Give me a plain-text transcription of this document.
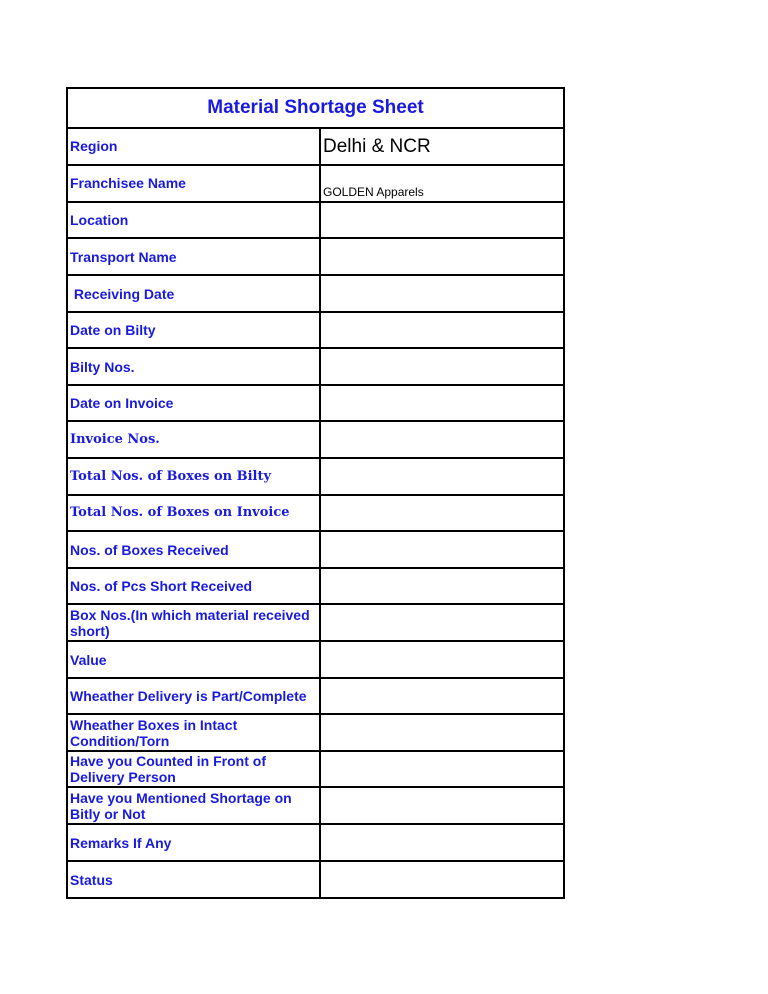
Material Shortage Sheet
Region	Delhi & NCR
Franchisee Name
GOLDEN Apparels
Location
Transport Name
Receiving Date
Date on Bilty
Bilty Nos.
Date on Invoice
Invoice Nos.
Total Nos. of Boxes on Bilty
Total Nos. of Boxes on Invoice
Nos. of Boxes Received
Nos. of Pcs Short Received
Box Nos.(In which material received short)
Value
Wheather Delivery is Part/Complete
Wheather Boxes in Intact Condition/Torn
Have you Counted in Front of Delivery Person
Have you Mentioned Shortage on Bitly or Not
Remarks If Any
Status
